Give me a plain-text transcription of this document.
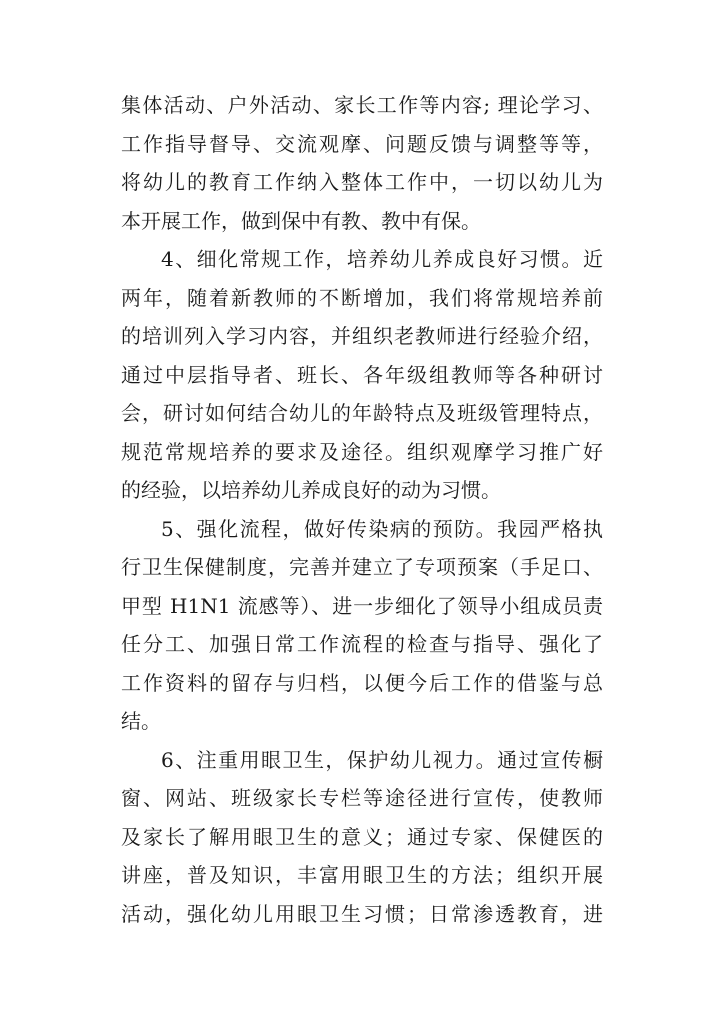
集体活动、户外活动、家长工作等内容; 理论学习、
工作指导督导、交流观摩、问题反馈与调整等等，
将幼儿的教育工作纳入整体工作中，一切以幼儿为
本开展工作，做到保中有教、教中有保。
4、细化常规工作，培养幼儿养成良好习惯。近
两年，随着新教师的不断增加，我们将常规培养前
的培训列入学习内容，并组织老教师进行经验介绍，
通过中层指导者、班长、各年级组教师等各种研讨
会，研讨如何结合幼儿的年龄特点及班级管理特点，
规范常规培养的要求及途径。组织观摩学习推广好
的经验，以培养幼儿养成良好的动为习惯。
5、强化流程，做好传染病的预防。我园严格执
行卫生保健制度，完善并建立了专项预案（手足口、
甲型 H1N1 流感等）、进一步细化了领导小组成员责
任分工、加强日常工作流程的检查与指导、强化了
工作资料的留存与归档，以便今后工作的借鉴与总
结。
6、注重用眼卫生，保护幼儿视力。通过宣传橱
窗、网站、班级家长专栏等途径进行宣传，使教师
及家长了解用眼卫生的意义；通过专家、保健医的
讲座，普及知识，丰富用眼卫生的方法；组织开展
活动，强化幼儿用眼卫生习惯；日常渗透教育，进
